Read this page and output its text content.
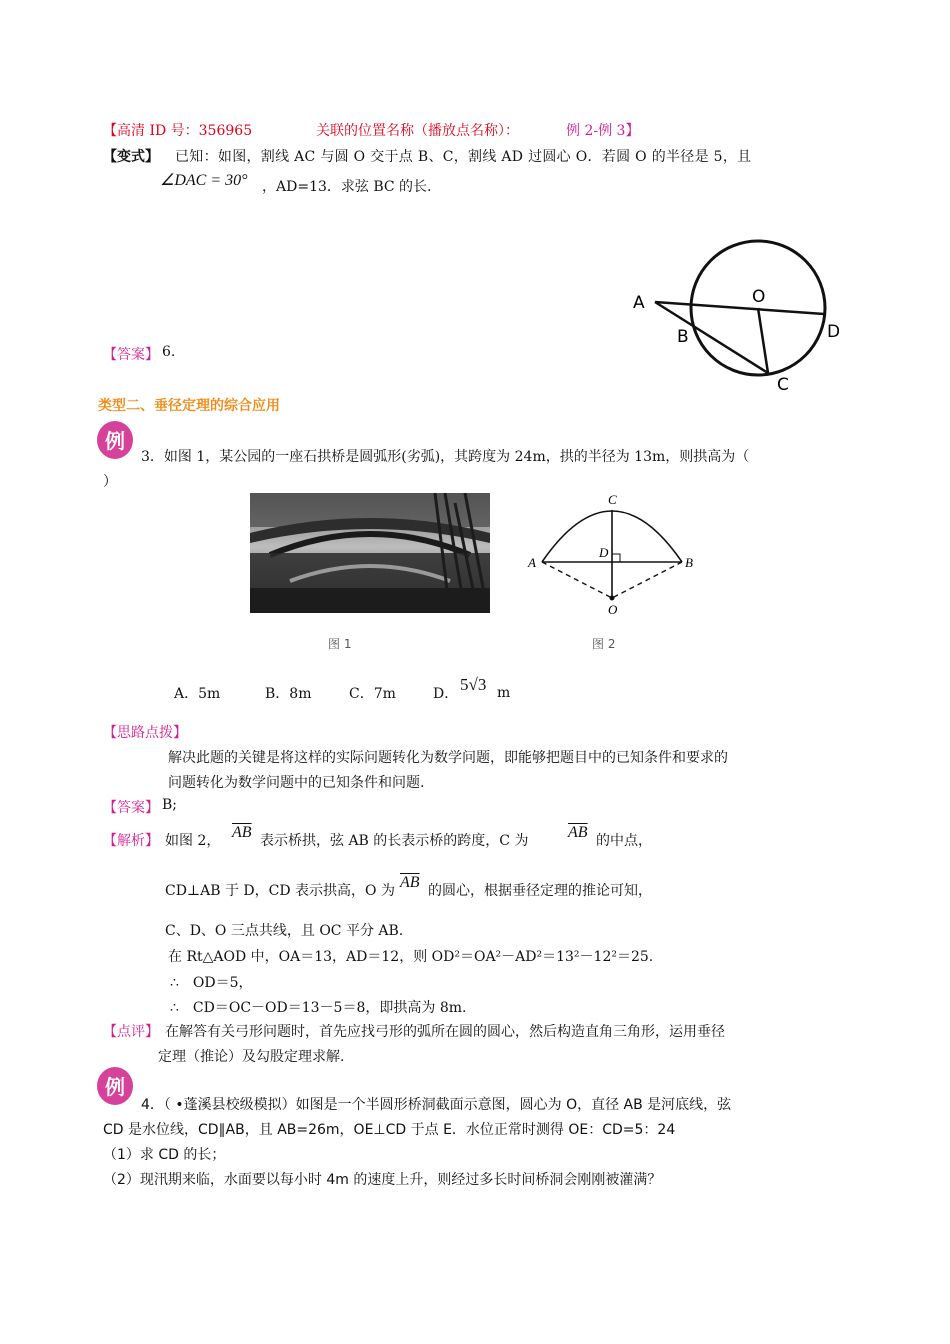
【高清 ID 号：356965	关联的位置名称（播放点名称）：	例 2-例 3】
【变式】 已知：如图，割线 AC 与圆 O 交于点 B、C，割线 AD 过圆心 O．若圆 O 的半径是 5，且
∠DAC = 30° ，AD=13．求弦 BC 的长.
A
B
O
D
C
【答案】 6.
类型二、垂径定理的综合应用
例
3．如图 1，某公园的一座石拱桥是圆弧形(劣弧)，其跨度为 24m，拱的半径为 13m，则拱高为（
）
图 1
C
D
A	B
O
图 2
A．5m	B．8m	C．7m	D． 5√3 m
【思路点拨】
解决此题的关键是将这样的实际问题转化为数学问题，即能够把题目中的已知条件和要求的
问题转化为数学问题中的已知条件和问题.
【答案】 B;
【解析】 如图 2， $\overline{AB}$ 表示桥拱，弦 AB 的长表示桥的跨度，C 为 $\overline{AB}$ 的中点，
CD⊥AB 于 D，CD 表示拱高，O 为 $\overline{AB}$ 的圆心，根据垂径定理的推论可知，
C、D、O 三点共线，且 OC 平分 AB.
在 Rt△AOD 中，OA＝13，AD＝12，则 OD²＝OA²－AD²＝13²－12²＝25.
∴　OD＝5，
∴　CD＝OC－OD＝13－5＝8，即拱高为 8m.
【点评】 在解答有关弓形问题时，首先应找弓形的弧所在圆的圆心，然后构造直角三角形，运用垂径
定理（推论）及勾股定理求解.
例
4．（ •蓬溪县校级模拟）如图是一个半圆形桥洞截面示意图，圆心为 O，直径 AB 是河底线，弦
CD 是水位线，CD∥AB，且 AB=26m，OE⊥CD 于点 E．水位正常时测得 OE：CD=5：24
（1）求 CD 的长；
（2）现汛期来临，水面要以每小时 4m 的速度上升，则经过多长时间桥洞会刚刚被灌满？
